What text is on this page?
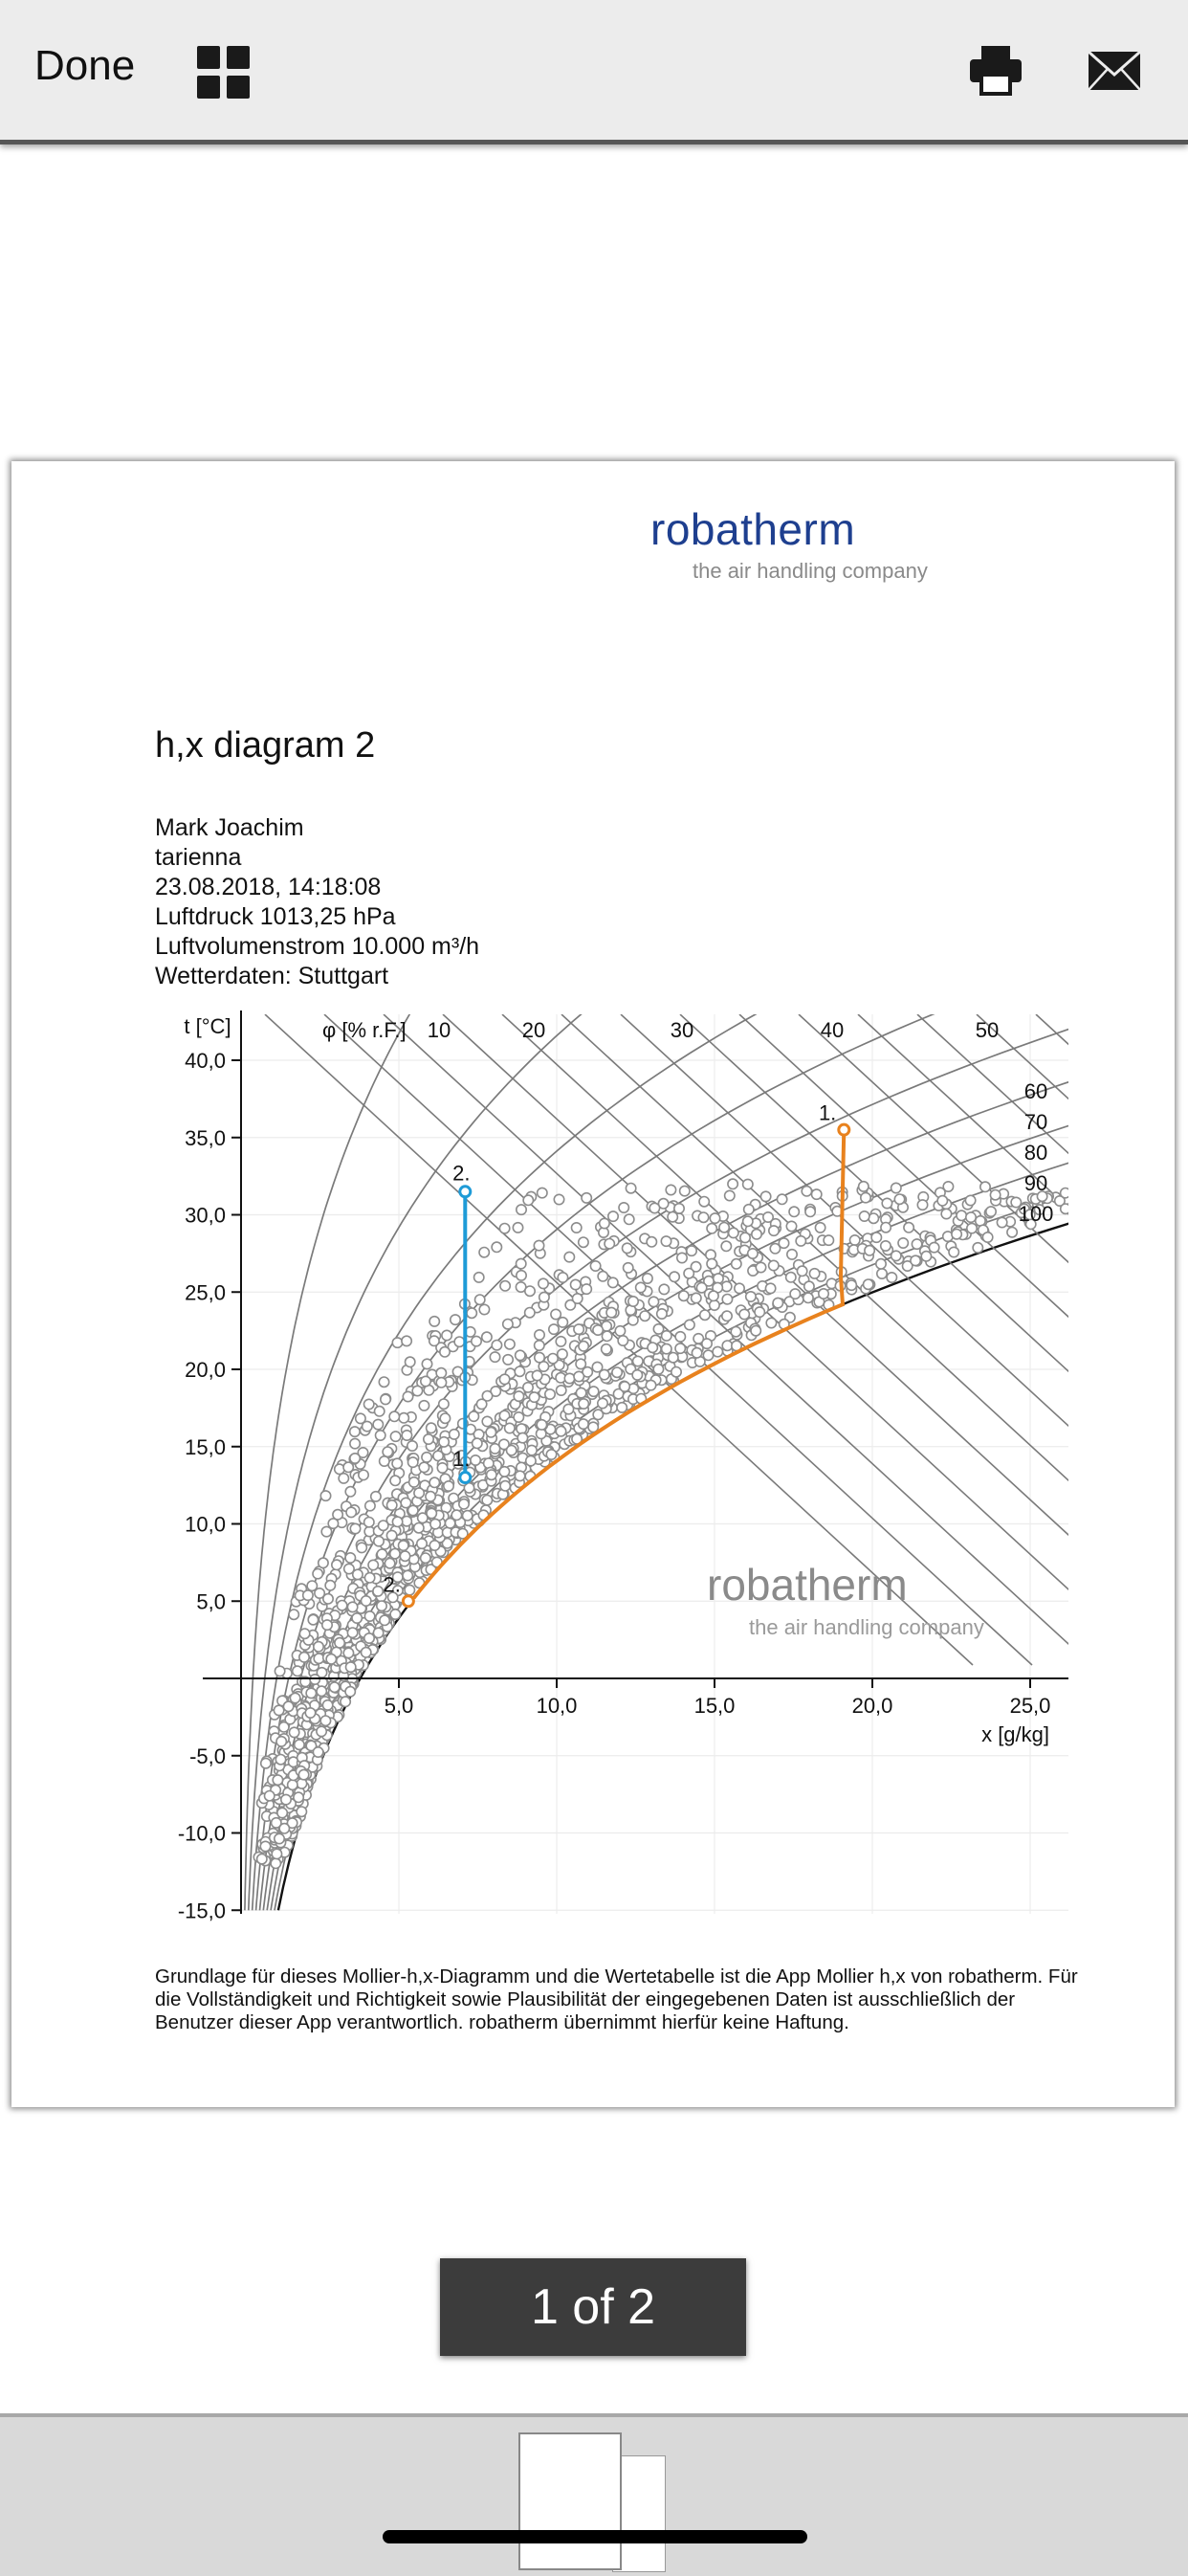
Done
robatherm
the air handling company
h,x diagram 2
Mark Joachim
tarienna
23.08.2018, 14:18:08
Luftdruck 1013,25 hPa
Luftvolumenstrom 10.000 m³/h
Wetterdaten: Stuttgart
1.
2.
2.
1.
40,0
35,0
30,0
25,0
20,0
15,0
10,0
5,0
-5,0
-10,0
-15,0
5,0	10,0	15,0	20,0	25,0
t [°C]
x [g/kg]
φ [% r.F.] 10	20	30	40	50
60
70
80
90
100
robatherm
the air handling company
Grundlage für dieses Mollier-h,x-Diagramm und die Wertetabelle ist die App Mollier h,x von robatherm. Für die Vollständigkeit und Richtigkeit sowie Plausibilität der eingegebenen Daten ist ausschließlich der Benutzer dieser App verantwortlich. robatherm übernimmt hierfür keine Haftung.
1 of 2
